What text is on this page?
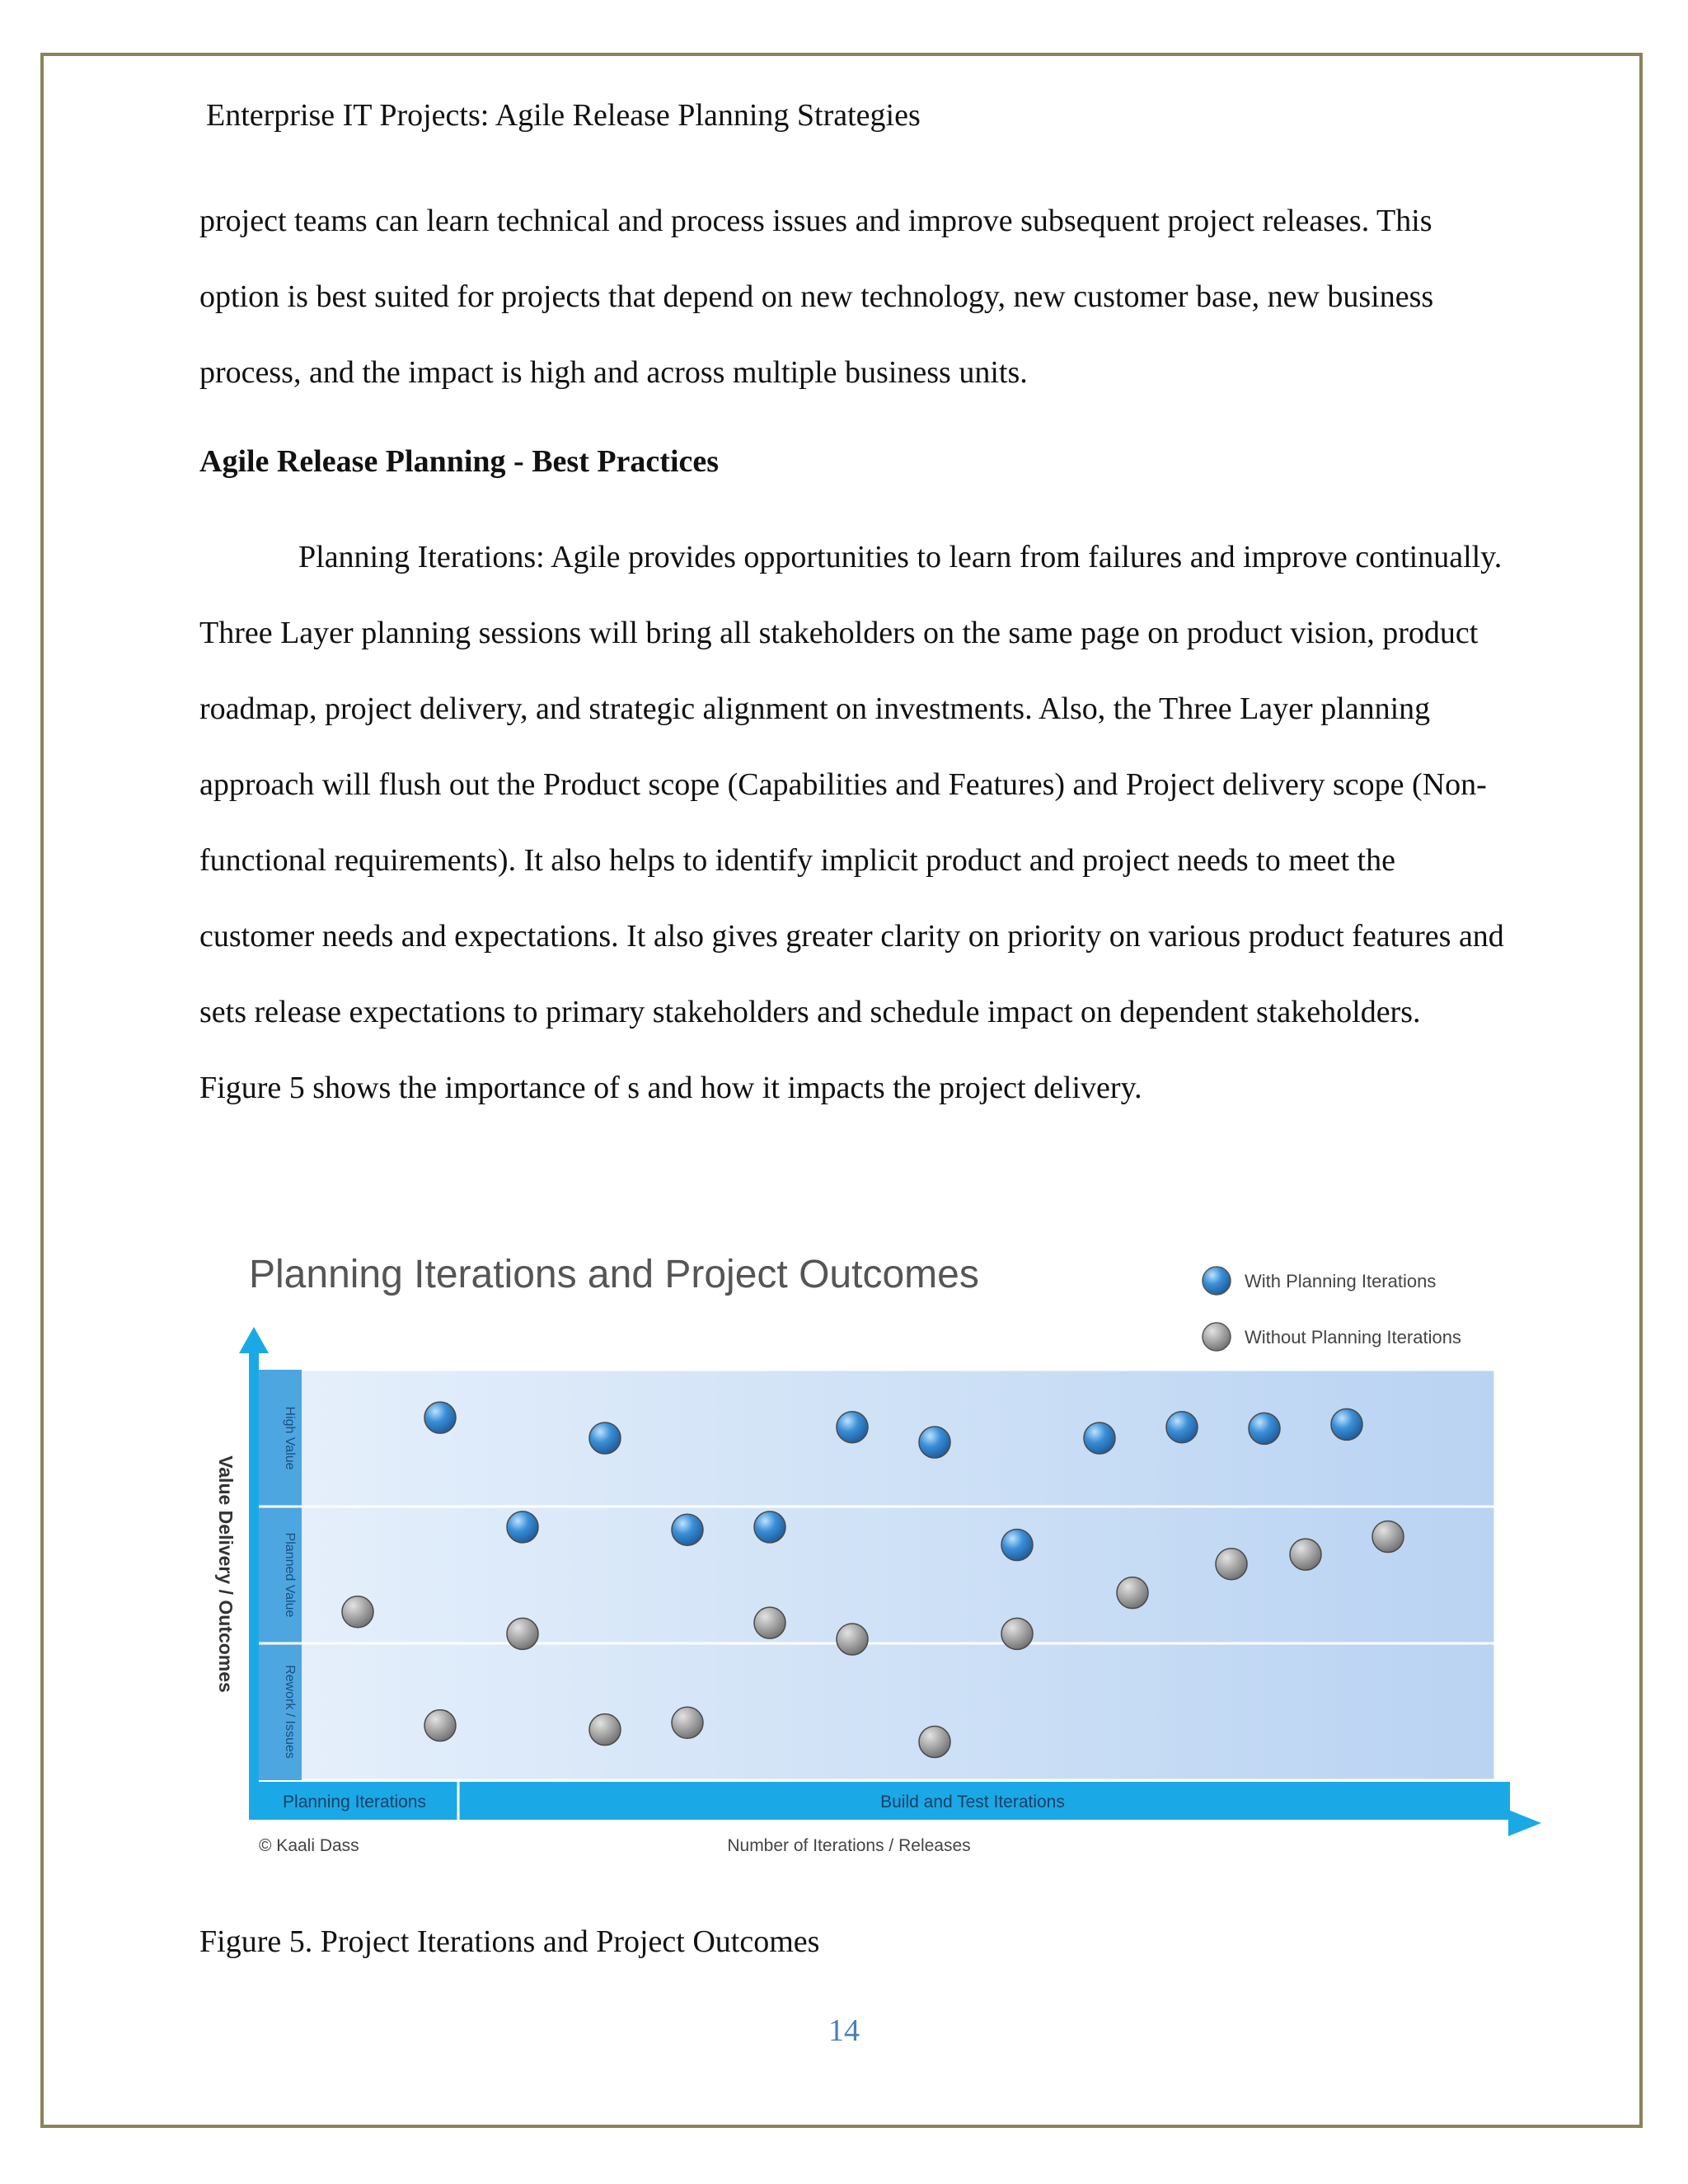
Enterprise IT Projects: Agile Release Planning Strategies

project teams can learn technical and process issues and improve subsequent project releases. This option is best suited for projects that depend on new technology, new customer base, new business process, and the impact is high and across multiple business units.

Agile Release Planning - Best Practices

Planning Iterations: Agile provides opportunities to learn from failures and improve continually. Three Layer planning sessions will bring all stakeholders on the same page on product vision, product roadmap, project delivery, and strategic alignment on investments. Also, the Three Layer planning approach will flush out the Product scope (Capabilities and Features) and Project delivery scope (Non-functional requirements). It also helps to identify implicit product and project needs to meet the customer needs and expectations. It also gives greater clarity on priority on various product features and sets release expectations to primary stakeholders and schedule impact on dependent stakeholders. Figure 5 shows the importance of s and how it impacts the project delivery.

Planning Iterations and Project Outcomes	With Planning Iterations
Without Planning Iterations
High Value
Planned Value
Rework / Issues
Value Delivery / Outcomes
Planning Iterations	Build and Test Iterations
© Kaali Dass	Number of Iterations / Releases
Figure 5. Project Iterations and Project Outcomes
14
